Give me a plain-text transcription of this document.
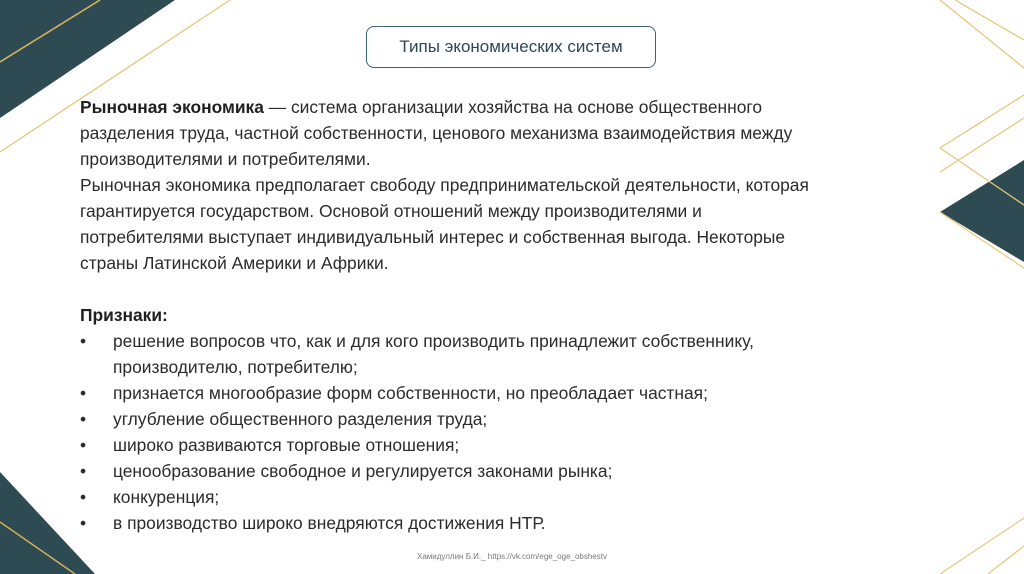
Типы экономических систем

Рыночная экономика — система организации хозяйства на основе общественного

разделения труда, частной собственности, ценового механизма взаимодействия между

производителями и потребителями.

Рыночная экономика предполагает свободу предпринимательской деятельности, которая

гарантируется государством. Основой отношений между производителями и

потребителями выступает индивидуальный интерес и собственная выгода. Некоторые

страны Латинской Америки и Африки.

Признаки:

• решение вопросов что, как и для кого производить принадлежит собственнику,
производителю, потребителю;
• признается многообразие форм собственности, но преобладает частная;
• углубление общественного разделения труда;
• широко развиваются торговые отношения;
• ценообразование свободное и регулируется законами рынка;
• конкуренция;
• в производство широко внедряются достижения НТР.
Хамидуллин Б.И._ https://vk.com/ege_oge_obshestv
